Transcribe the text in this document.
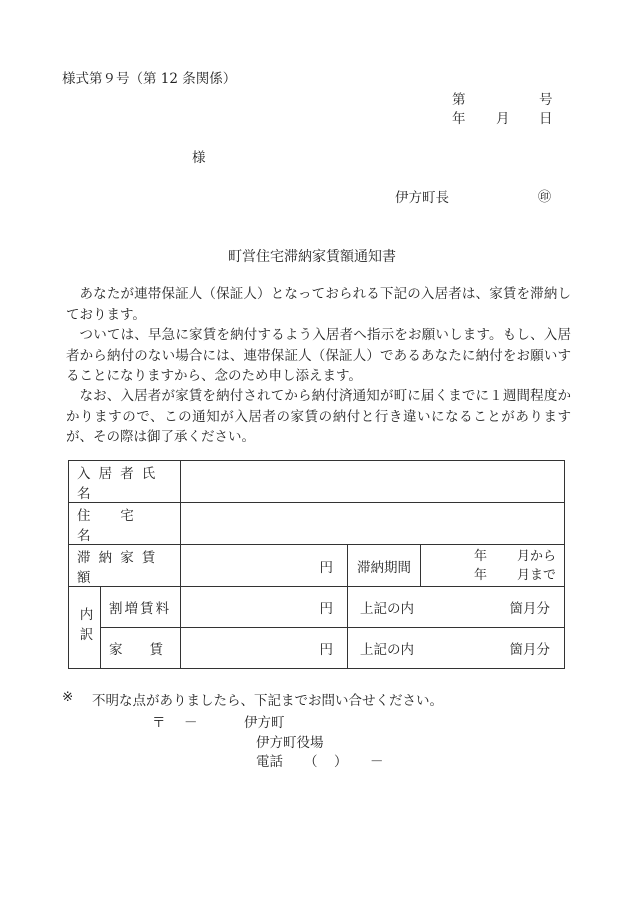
様式第９号（第 12 条関係）
第	号
年 月 日
様
伊方町長	㊞
町営住宅滞納家賃額通知書
あなたが連帯保証人（保証人）となっておられる下記の入居者は、家賃を滞納しております。
ついては、早急に家賃を納付するよう入居者へ指示をお願いします。もし、入居者から納付のない場合には、連帯保証人（保証人）であるあなたに納付をお願いすることになりますから、念のため申し添えます。
なお、入居者が家賃を納付されてから納付済通知が町に届くまでに１週間程度かかりますので、この通知が入居者の家賃の納付と行き違いになることがありますが、その際は御了承ください。
入居者氏名				
住　宅　名				
滞納家賃額		円	滞納期間	年 月から
年 月まで

内訳	割増賃料	円	上記の内 箇月分	

	家　　賃	円	上記の内 箇月分	
※ 不明な点がありましたら、下記までお問い合せください。
〒 －	伊方町
伊方町役場
電話 （ ） －
